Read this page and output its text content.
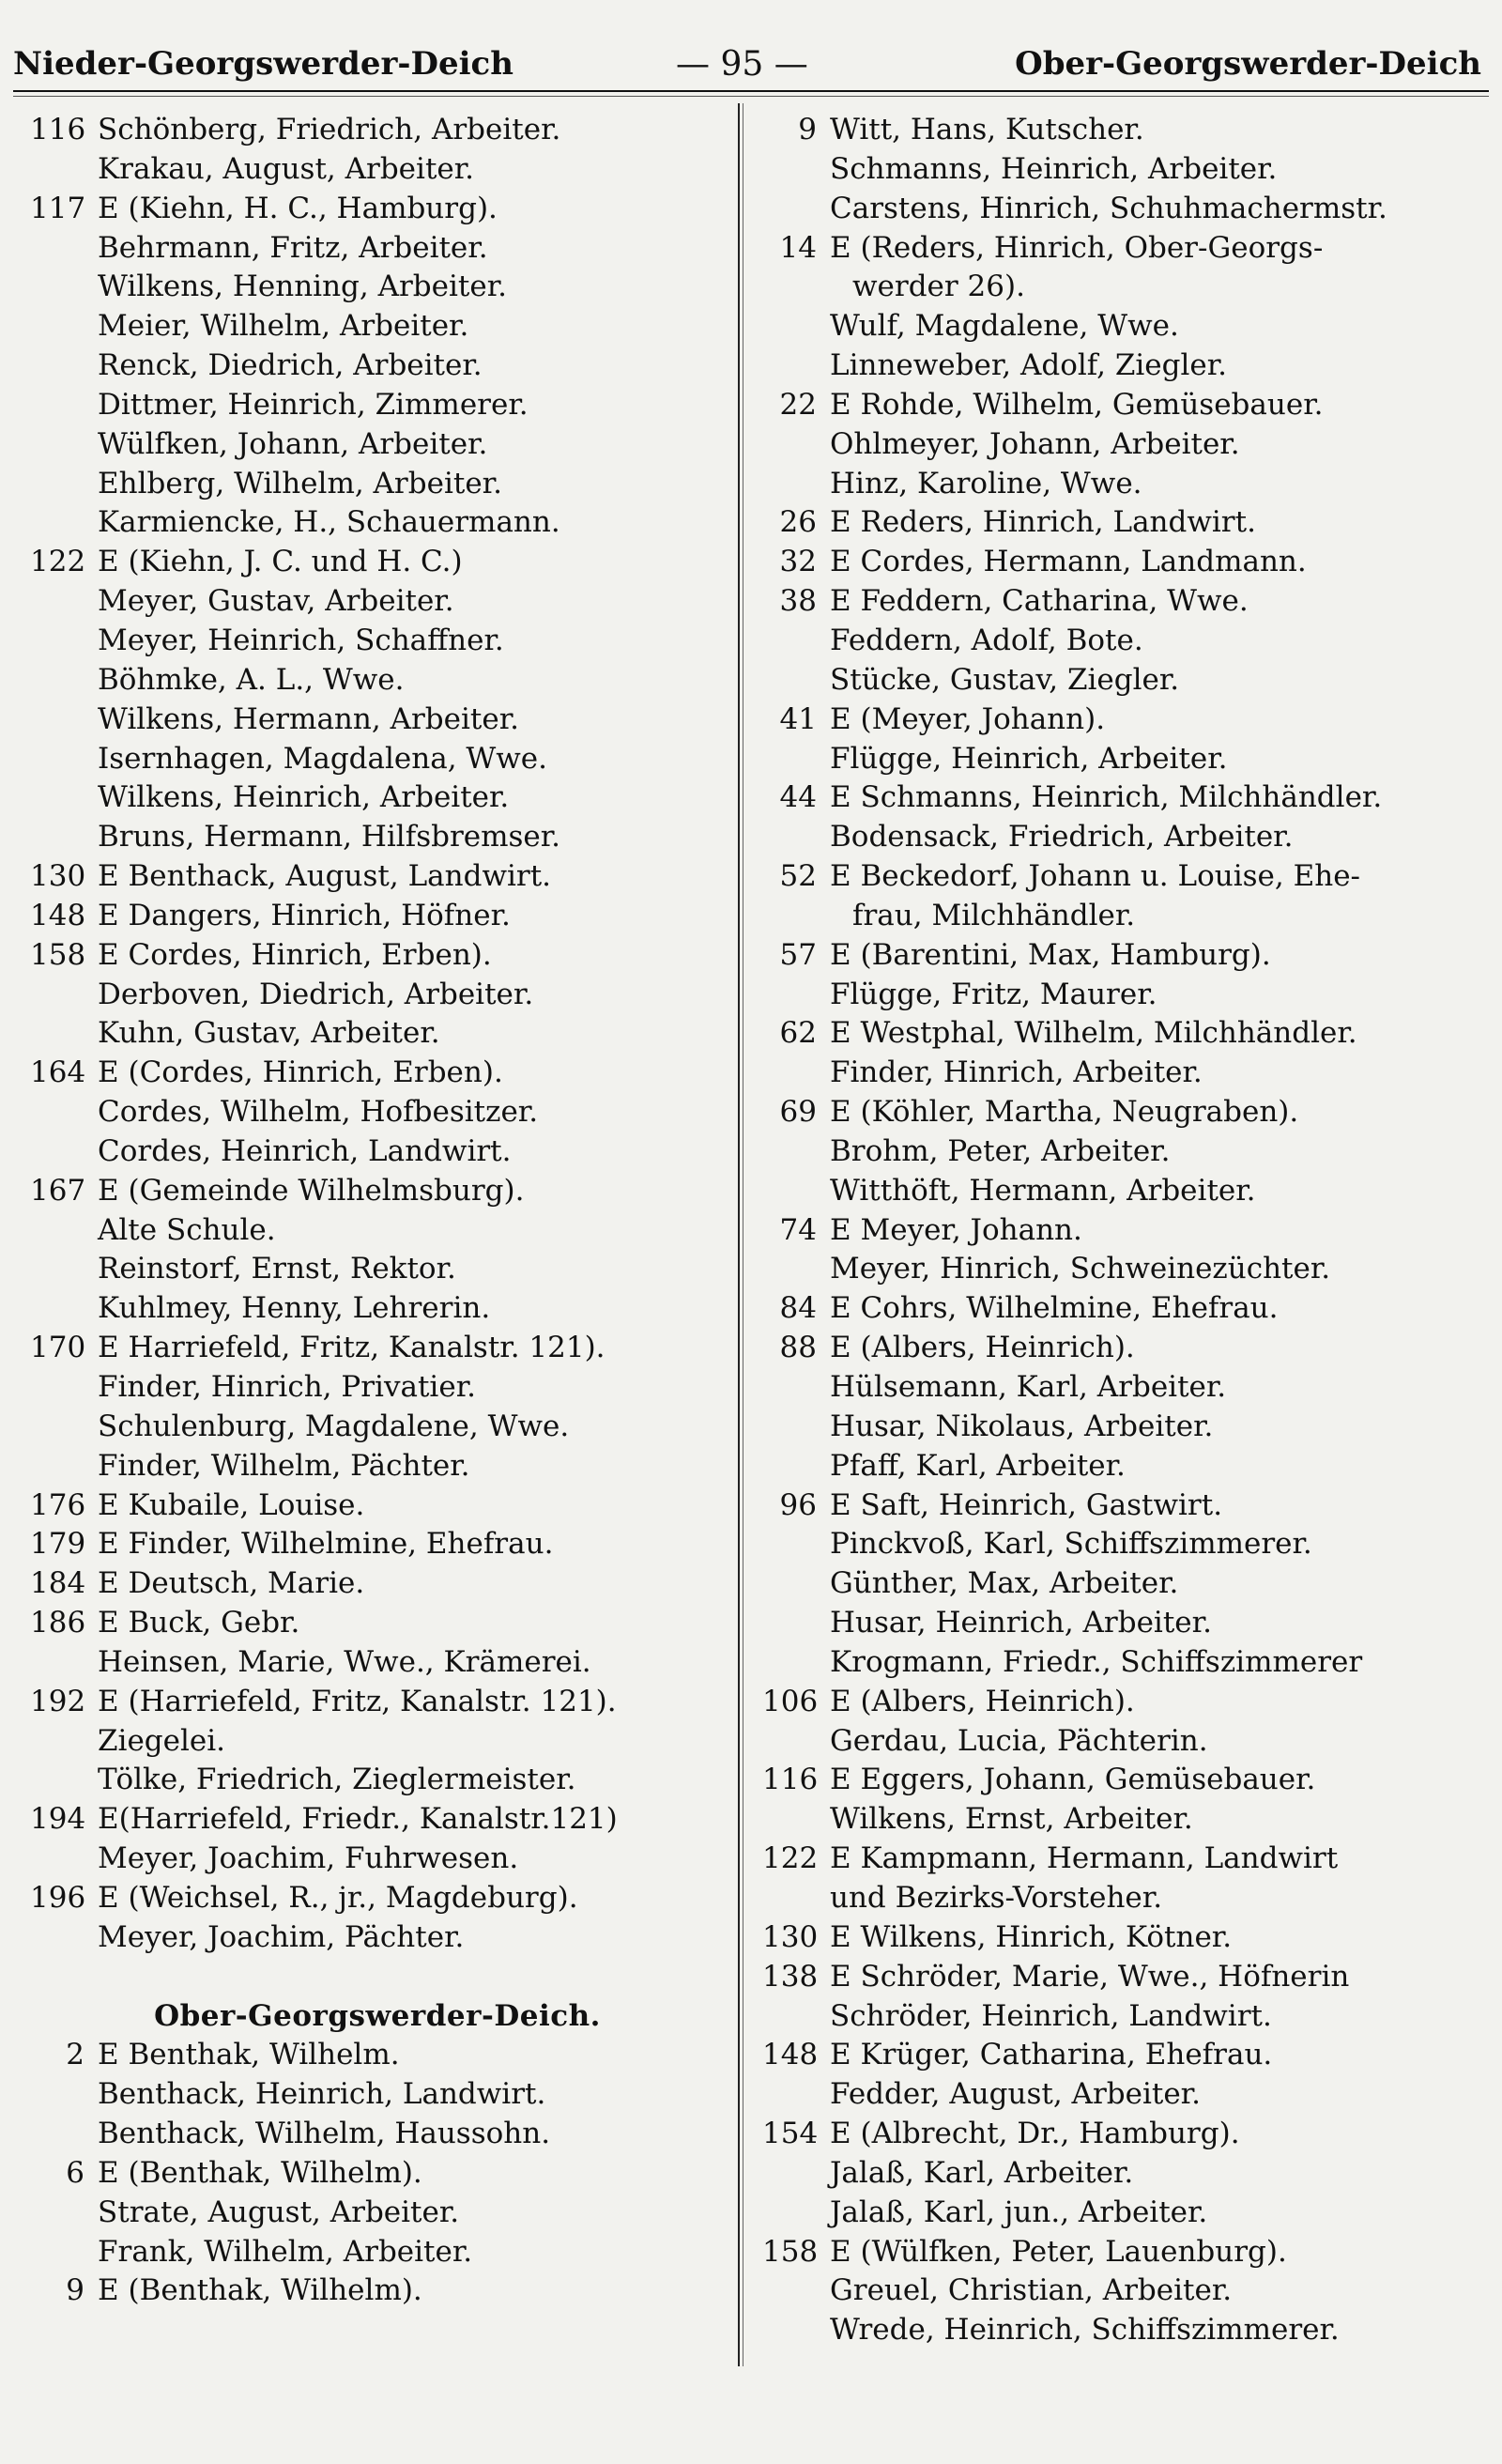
Nieder-Georgswerder-Deich	— 95 —	Ober-Georgswerder-Deich
116 Schönberg, Friedrich, Arbeiter.
Krakau, August, Arbeiter.
117 E (Kiehn, H. C., Hamburg).
Behrmann, Fritz, Arbeiter.
Wilkens, Henning, Arbeiter.
Meier, Wilhelm, Arbeiter.
Renck, Diedrich, Arbeiter.
Dittmer, Heinrich, Zimmerer.
Wülfken, Johann, Arbeiter.
Ehlberg, Wilhelm, Arbeiter.
Karmiencke, H., Schauermann.
122 E (Kiehn, J. C. und H. C.)
Meyer, Gustav, Arbeiter.
Meyer, Heinrich, Schaffner.
Böhmke, A. L., Wwe.
Wilkens, Hermann, Arbeiter.
Isernhagen, Magdalena, Wwe.
Wilkens, Heinrich, Arbeiter.
Bruns, Hermann, Hilfsbremser.
130 E Benthack, August, Landwirt.
148 E Dangers, Hinrich, Höfner.
158 E Cordes, Hinrich, Erben).
Derboven, Diedrich, Arbeiter.
Kuhn, Gustav, Arbeiter.
164 E (Cordes, Hinrich, Erben).
Cordes, Wilhelm, Hofbesitzer.
Cordes, Heinrich, Landwirt.
167 E (Gemeinde Wilhelmsburg).
Alte Schule.
Reinstorf, Ernst, Rektor.
Kuhlmey, Henny, Lehrerin.
170 E Harriefeld, Fritz, Kanalstr. 121).
Finder, Hinrich, Privatier.
Schulenburg, Magdalene, Wwe.
Finder, Wilhelm, Pächter.
176 E Kubaile, Louise.
179 E Finder, Wilhelmine, Ehefrau.
184 E Deutsch, Marie.
186 E Buck, Gebr.
Heinsen, Marie, Wwe., Krämerei.
192 E (Harriefeld, Fritz, Kanalstr. 121).
Ziegelei.
Tölke, Friedrich, Zieglermeister.
194 E(Harriefeld, Friedr., Kanalstr.121)
Meyer, Joachim, Fuhrwesen.
196 E (Weichsel, R., jr., Magdeburg).
Meyer, Joachim, Pächter.
Ober-Georgswerder-Deich.
2 E Benthak, Wilhelm.
Benthack, Heinrich, Landwirt.
Benthack, Wilhelm, Haussohn.
6 E (Benthak, Wilhelm).
Strate, August, Arbeiter.
Frank, Wilhelm, Arbeiter.
9 E (Benthak, Wilhelm).
9 Witt, Hans, Kutscher.
Schmanns, Heinrich, Arbeiter.
Carstens, Hinrich, Schuhmachermstr.
14 E (Reders, Hinrich, Ober-Georgs-
werder 26).
Wulf, Magdalene, Wwe.
Linneweber, Adolf, Ziegler.
22 E Rohde, Wilhelm, Gemüsebauer.
Ohlmeyer, Johann, Arbeiter.
Hinz, Karoline, Wwe.
26 E Reders, Hinrich, Landwirt.
32 E Cordes, Hermann, Landmann.
38 E Feddern, Catharina, Wwe.
Feddern, Adolf, Bote.
Stücke, Gustav, Ziegler.
41 E (Meyer, Johann).
Flügge, Heinrich, Arbeiter.
44 E Schmanns, Heinrich, Milchhändler.
Bodensack, Friedrich, Arbeiter.
52 E Beckedorf, Johann u. Louise, Ehe-
frau, Milchhändler.
57 E (Barentini, Max, Hamburg).
Flügge, Fritz, Maurer.
62 E Westphal, Wilhelm, Milchhändler.
Finder, Hinrich, Arbeiter.
69 E (Köhler, Martha, Neugraben).
Brohm, Peter, Arbeiter.
Witthöft, Hermann, Arbeiter.
74 E Meyer, Johann.
Meyer, Hinrich, Schweinezüchter.
84 E Cohrs, Wilhelmine, Ehefrau.
88 E (Albers, Heinrich).
Hülsemann, Karl, Arbeiter.
Husar, Nikolaus, Arbeiter.
Pfaff, Karl, Arbeiter.
96 E Saft, Heinrich, Gastwirt.
Pinckvoß, Karl, Schiffszimmerer.
Günther, Max, Arbeiter.
Husar, Heinrich, Arbeiter.
Krogmann, Friedr., Schiffszimmerer
106 E (Albers, Heinrich).
Gerdau, Lucia, Pächterin.
116 E Eggers, Johann, Gemüsebauer.
Wilkens, Ernst, Arbeiter.
122 E Kampmann, Hermann, Landwirt
und Bezirks-Vorsteher.
130 E Wilkens, Hinrich, Kötner.
138 E Schröder, Marie, Wwe., Höfnerin
Schröder, Heinrich, Landwirt.
148 E Krüger, Catharina, Ehefrau.
Fedder, August, Arbeiter.
154 E (Albrecht, Dr., Hamburg).
Jalaß, Karl, Arbeiter.
Jalaß, Karl, jun., Arbeiter.
158 E (Wülfken, Peter, Lauenburg).
Greuel, Christian, Arbeiter.
Wrede, Heinrich, Schiffszimmerer.
